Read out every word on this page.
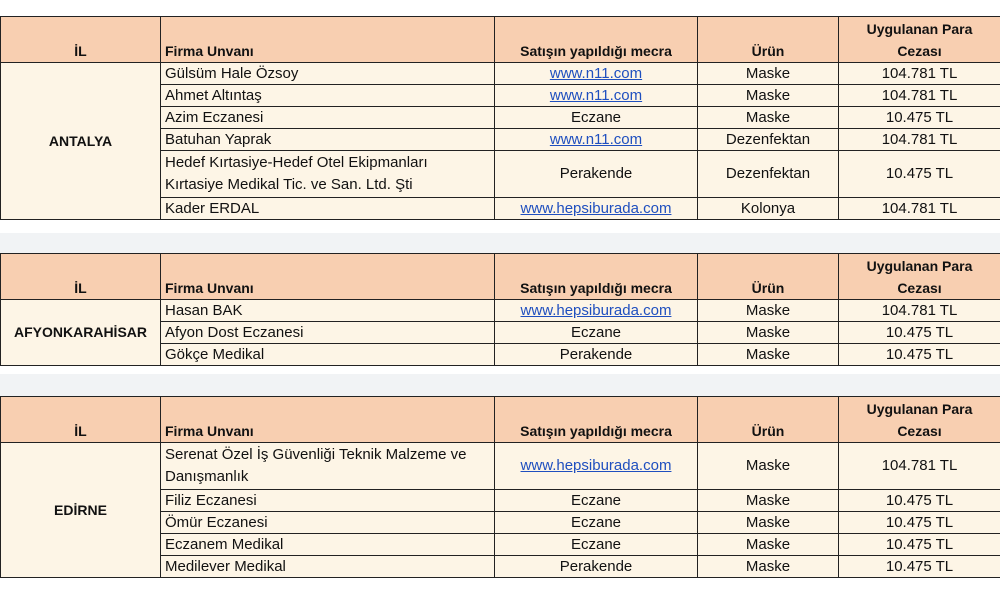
İL	Firma Unvanı	Satışın yapıldığı mecra	Ürün	Uygulanan Para Cezası
ANTALYA	Gülsüm Hale Özsoy	www.n11.com	Maske	104.781 TL
	Ahmet Altıntaş	www.n11.com	Maske	104.781 TL
	Azim Eczanesi	Eczane	Maske	10.475 TL
	Batuhan Yaprak	www.n11.com	Dezenfektan	104.781 TL
	Hedef Kırtasiye-Hedef Otel Ekipmanları Kırtasiye Medikal Tic. ve San. Ltd. Şti	Perakende	Dezenfektan	10.475 TL
	Kader ERDAL	www.hepsiburada.com	Kolonya	104.781 TL
İL	Firma Unvanı	Satışın yapıldığı mecra	Ürün	Uygulanan Para Cezası
AFYONKARAHİSAR	Hasan BAK	www.hepsiburada.com	Maske	104.781 TL
	Afyon Dost Eczanesi	Eczane	Maske	10.475 TL
	Gökçe Medikal	Perakende	Maske	10.475 TL
İL	Firma Unvanı	Satışın yapıldığı mecra	Ürün	Uygulanan Para Cezası
EDİRNE	Serenat Özel İş Güvenliği Teknik Malzeme ve Danışmanlık	www.hepsiburada.com	Maske	104.781 TL
	Filiz Eczanesi	Eczane	Maske	10.475 TL
	Ömür Eczanesi	Eczane	Maske	10.475 TL
	Eczanem Medikal	Eczane	Maske	10.475 TL
	Medilever Medikal	Perakende	Maske	10.475 TL
